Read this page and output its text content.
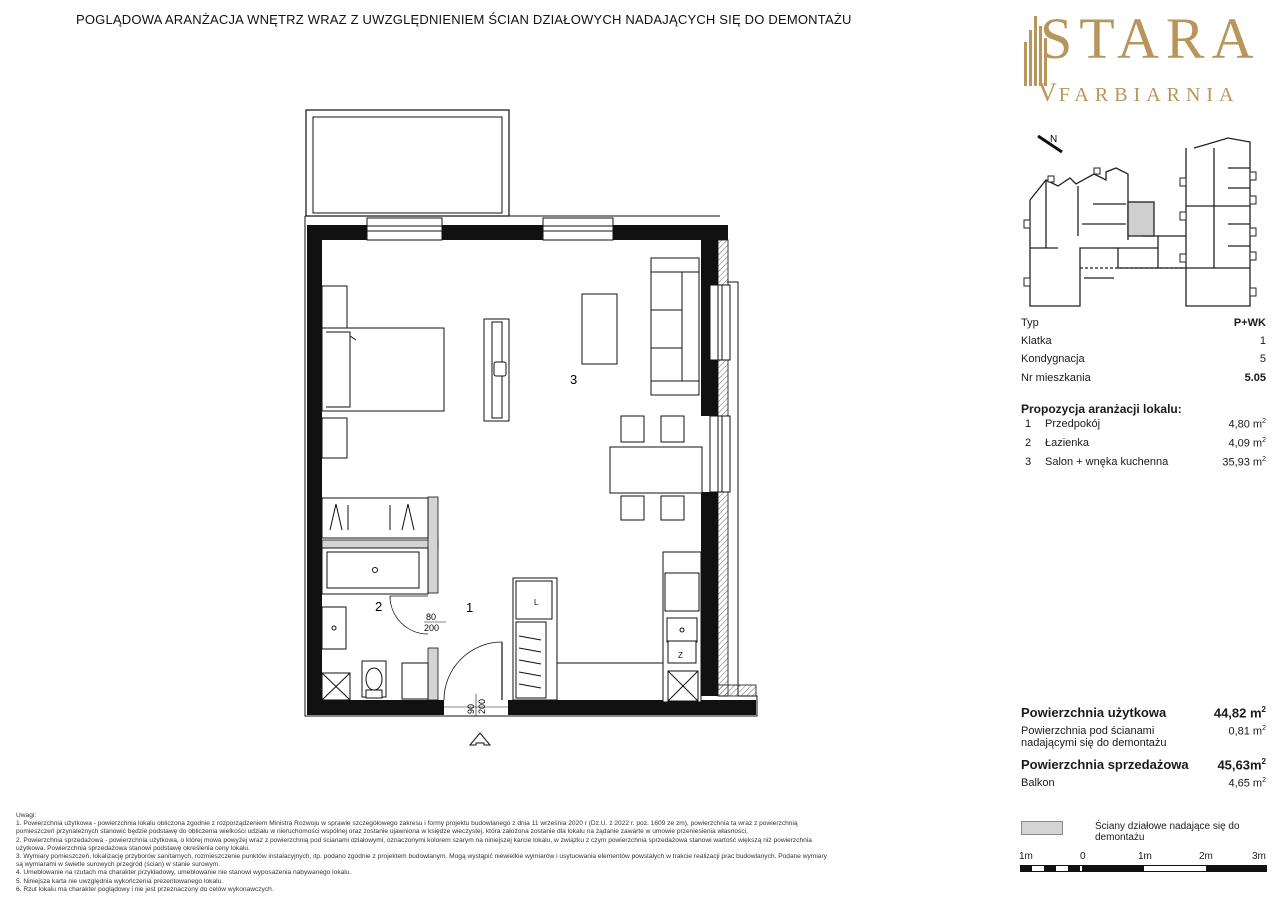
POGLĄDOWA ARANŻACJA WNĘTRZ WRAZ Z UWZGLĘDNIENIEM ŚCIAN DZIAŁOWYCH NADAJĄCYCH SIĘ DO DEMONTAŻU	STARA
VFARBIARNIA
N
Typ	P+WK
Klatka	1
Kondygnacja	5
Nr mieszkania	5.05
Propozycja aranżacji lokalu:
1	Przedpokój	4,80 $m^2$
2	Łazienka	4,09 $m^2$
3	Salon + wnęka kuchenna	35,93 $m^2$
Powierzchnia użytkowa	44,82 $m^2$
Powierzchnia pod ścianami
nadającymi się do demontażu
0,81 $m^2$
Powierzchnia sprzedażowa $45,63m^2$
Balkon	4,65 $m^2$
Ściany działowe nadające się do demontażu
1m	0	1m	2m	3m
Uwagi:
1. Powierzchnia użytkowa - powierzchnia lokalu obliczona zgodnie z rozporządzeniem Ministra Rozwoju w sprawie szczegółowego zakresu i formy projektu budowlanego z dnia 11 września 2020 r (Dz.U. z 2022 r. poz. 1609 ze zm), powierzchnia ta wraz z powierzchnią
pomieszczeń przynależnych stanowić będzie podstawę do obliczenia wielkości udziału w nieruchomości wspólnej oraz zostanie ujawniona w księdze wieczystej, która założona zostanie dla lokalu na żądanie zawarte w umowie przeniesienia własności.
2. Powierzchnia sprzedażowa - powierzchnia użytkowa, o której mowa powyżej wraz z powierzchnią pod ścianami działowymi, oznaczonymi kolorem szarym na niniejszej karcie lokalu, w związku z czym powierzchnia sprzedażowa stanowi wartość większą niż powierzchnia
użytkowa. Powierzchnia sprzedażowa stanowi podstawę określenia ceny lokalu.
3. Wymiary pomieszczeń, lokalizację przyborów sanitarnych, rozmieszczenie punktów instalacyjnych, itp. podano zgodnie z projektem budowlanym. Mogą wystąpić niewielkie wymiarów i usytuowania elementów powstałych w trakcie realizacji prac budowlanych. Podane wymiary
są wymiarami w świetle surowych przegród (ścian) w stanie surowym.
4. Umeblowanie na rzutach ma charakter przykładowy, umeblowanie nie stanowi wyposażenia nabywanego lokalu.
5. Niniejsza karta nie uwzględnia wykończenia prezentowanego lokalu.
6. Rzut lokalu ma charakter poglądowy i nie jest przeznaczony do celów wykonawczych.
Z
L
80
200
90 200
1
2
3
